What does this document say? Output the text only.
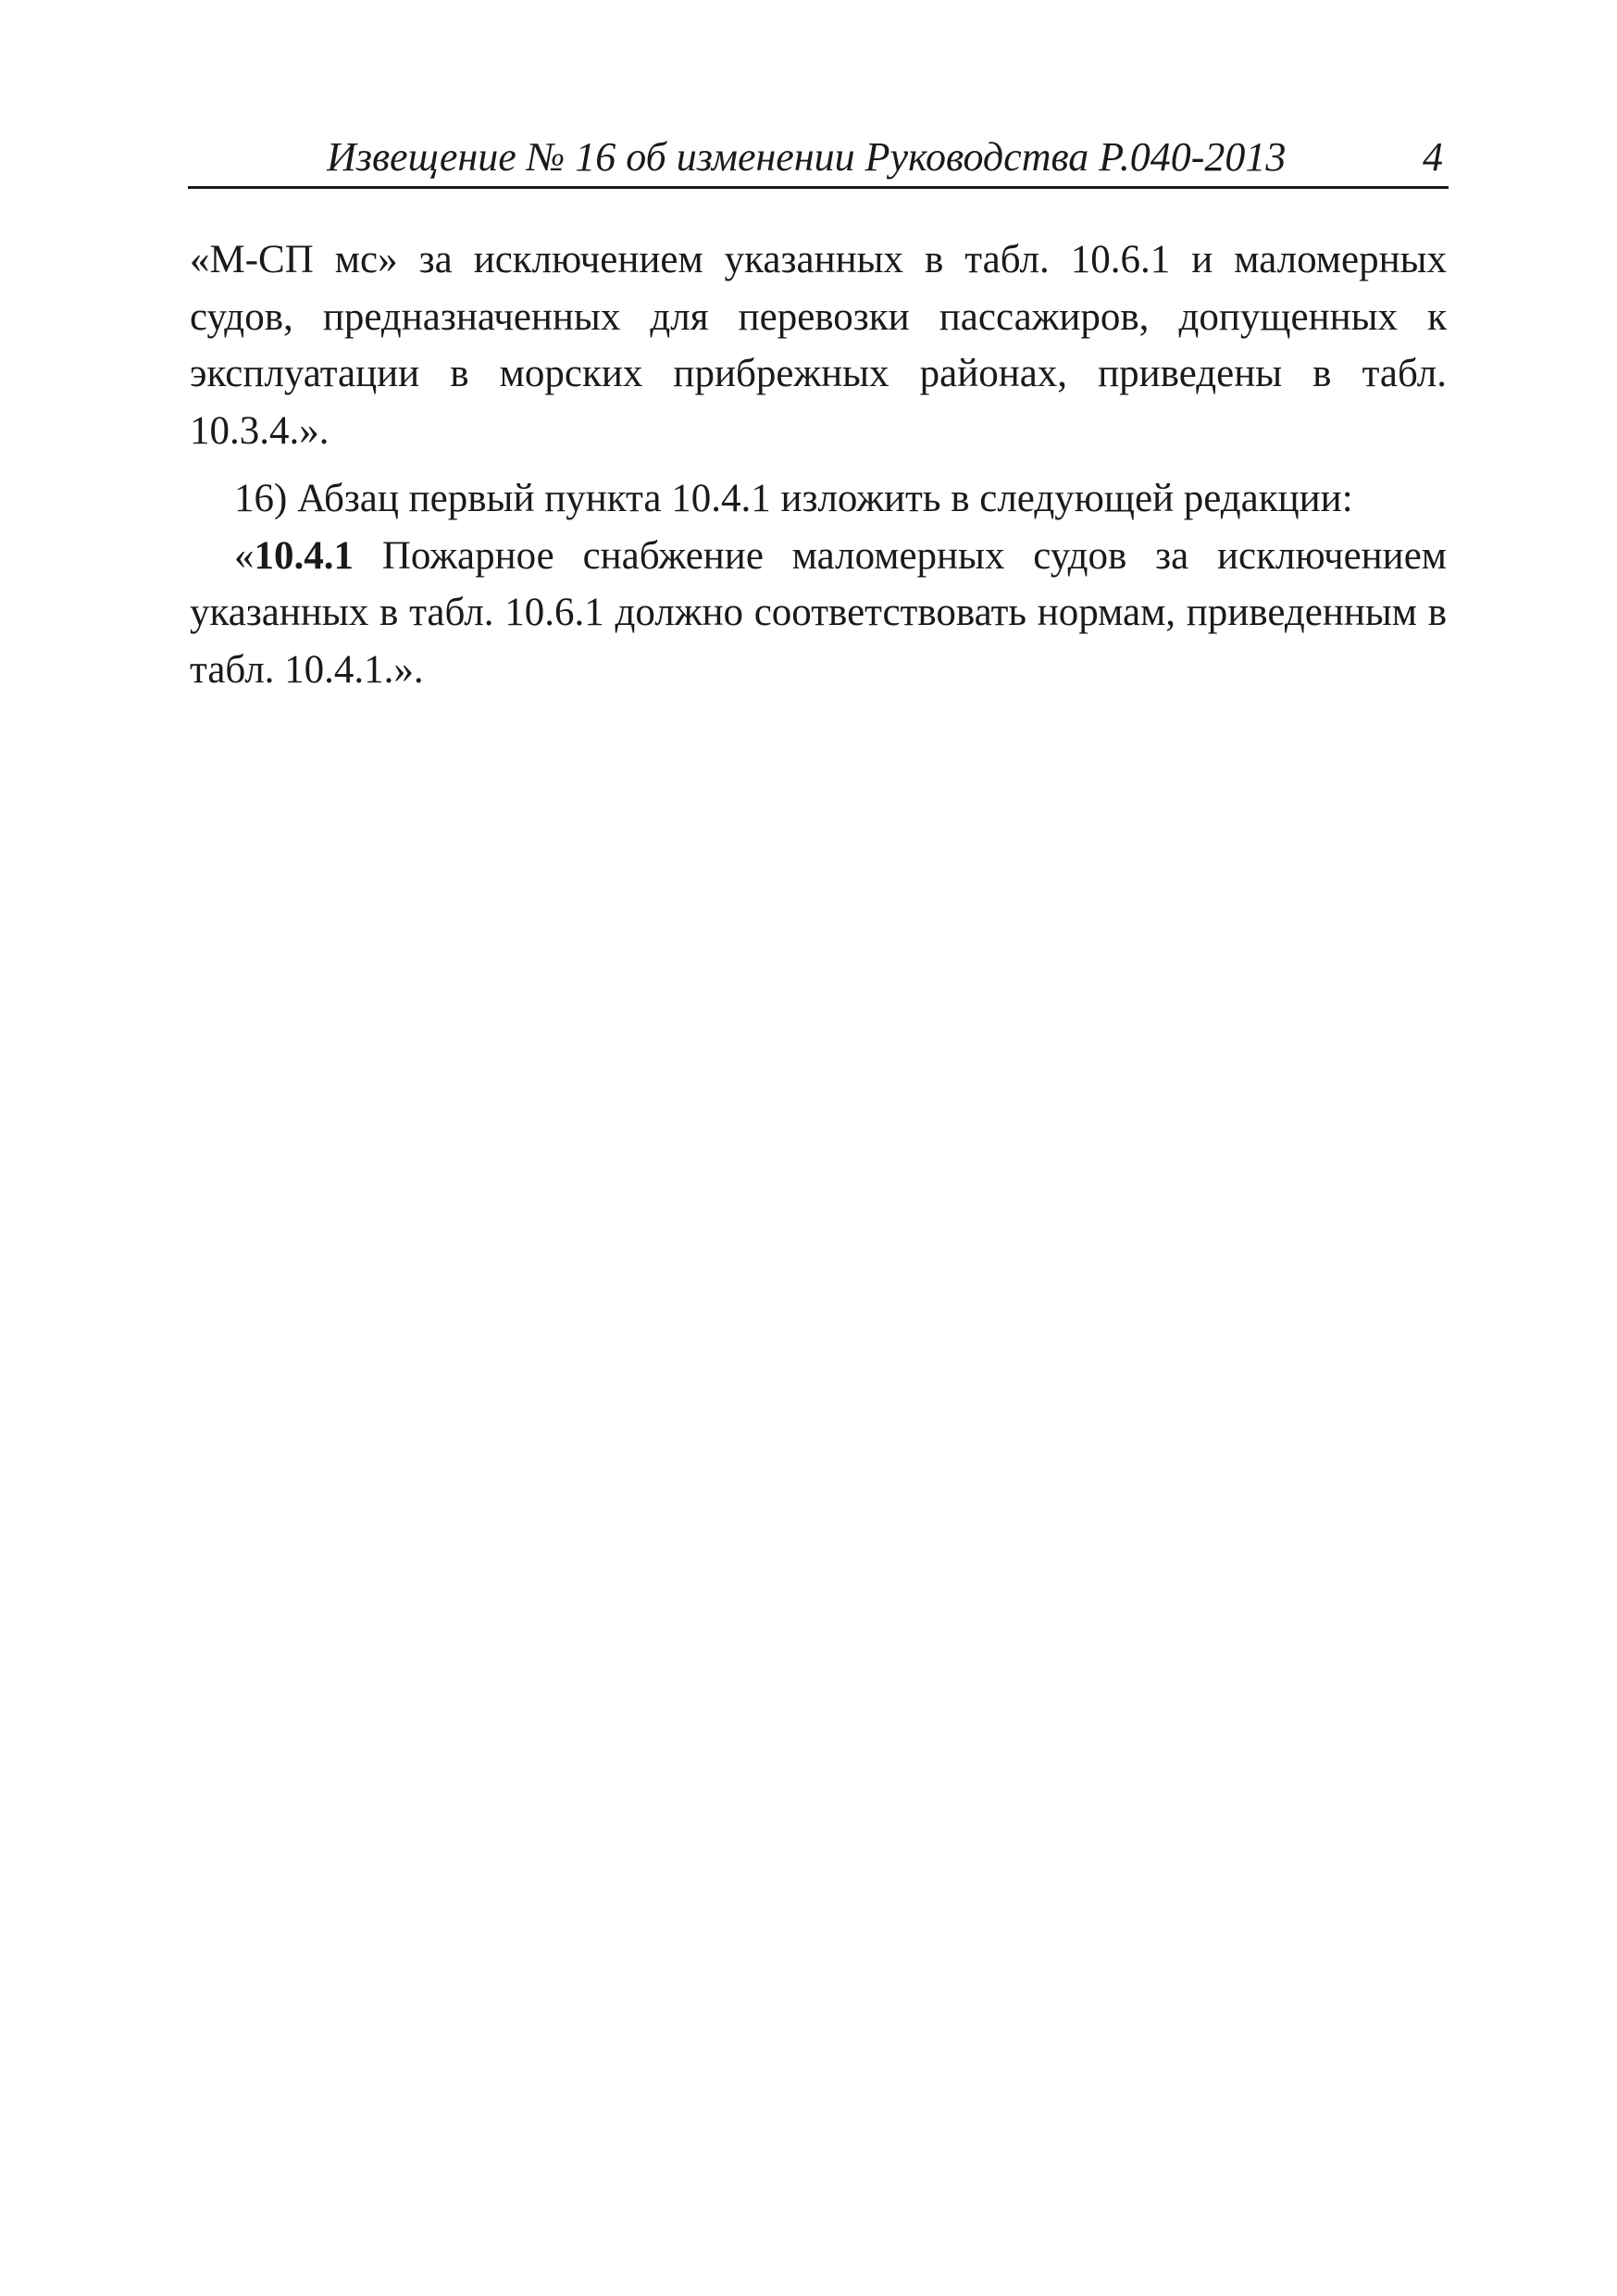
Извещение № 16 об изменении Руководства Р.040-2013	4

«М-СП мс» за исключением указанных в табл. 10.6.1 и маломерных судов, предназначенных для перевозки пассажиров, допущенных к эксплуатации в морских прибрежных районах, приведены в табл. 10.3.4.».

16) Абзац первый пункта 10.4.1 изложить в следующей редакции:

«10.4.1 Пожарное снабжение маломерных судов за исключением указанных в табл. 10.6.1 должно соответствовать нормам, приведенным в табл. 10.4.1.».
